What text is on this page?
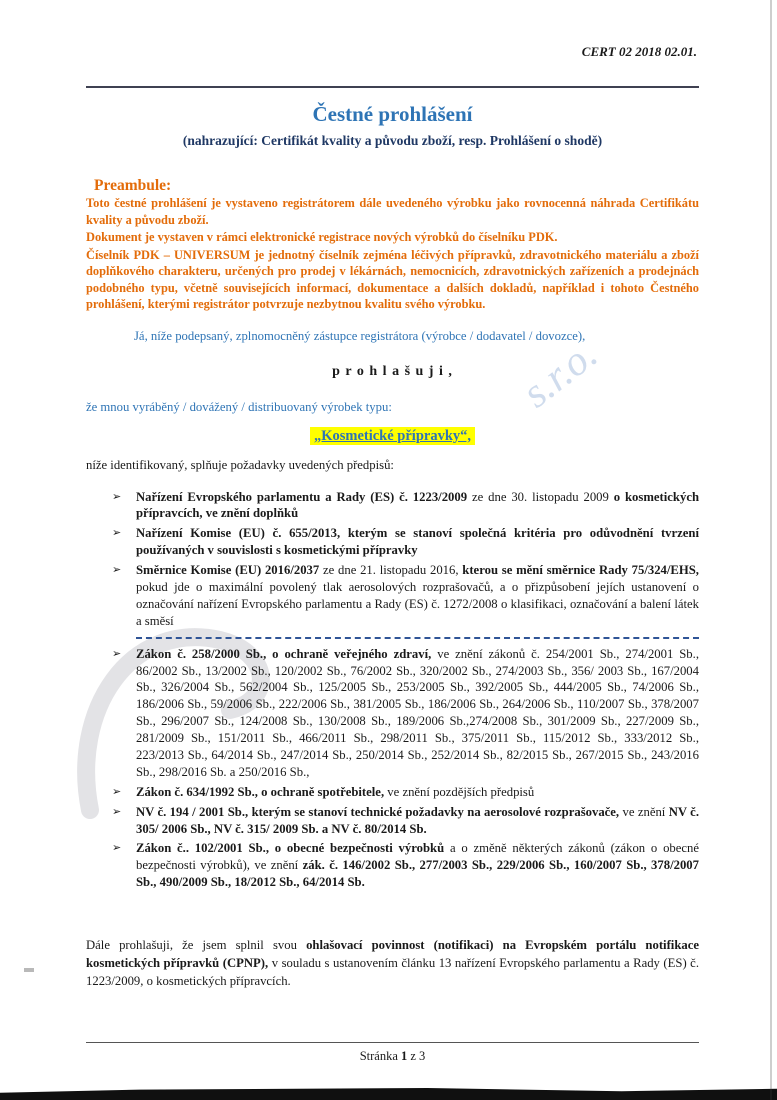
s.r.o.
CERT 02 2018 02.01.
Čestné prohlášení
(nahrazující: Certifikát kvality a původu zboží, resp. Prohlášení o shodě)
Preambule:

Toto čestné prohlášení je vystaveno registrátorem dále uvedeného výrobku jako rovnocenná náhrada Certifikátu kvality a původu zboží.

Dokument je vystaven v rámci elektronické registrace nových výrobků do číselníku PDK.

Číselník PDK – UNIVERSUM je jednotný číselník zejména léčivých přípravků, zdravotnického materiálu a zboží doplňkového charakteru, určených pro prodej v lékárnách, nemocnicích, zdravotnických zařízeních a prodejnách podobného typu, včetně souvisejících informací, dokumentace a dalších dokladů, například i tohoto Čestného prohlášení, kterými registrátor potvrzuje nezbytnou kvalitu svého výrobku.

Já, níže podepsaný, zplnomocněný zástupce registrátora (výrobce / dodavatel / dovozce),
p r o h l a š u j i ,
že mnou vyráběný / dovážený / distribuovaný výrobek typu:
„Kosmetické přípravky“,
níže identifikovaný, splňuje požadavky uvedených předpisů:
➢	Nařízení Evropského parlamentu a Rady (ES) č. 1223/2009 ze dne 30. listopadu 2009 o kosmetických přípravcích, ve znění doplňků
➢	Nařízení Komise (EU) č. 655/2013, kterým se stanoví společná kritéria pro odůvodnění tvrzení používaných v souvislosti s kosmetickými přípravky
➢	Směrnice Komise (EU) 2016/2037 ze dne 21. listopadu 2016, kterou se mění směrnice Rady 75/324/EHS, pokud jde o maximální povolený tlak aerosolových rozprašovačů, a o přizpůsobení jejích ustanovení o označování nařízení Evropského parlamentu a Rady (ES) č. 1272/2008 o klasifikaci, označování a balení látek a směsí
➢	Zákon č. 258/2000 Sb., o ochraně veřejného zdraví, ve znění zákonů č. 254/2001 Sb., 274/2001 Sb., 86/2002 Sb., 13/2002 Sb., 120/2002 Sb., 76/2002 Sb., 320/2002 Sb., 274/2003 Sb., 356/ 2003 Sb., 167/2004 Sb., 326/2004 Sb., 562/2004 Sb., 125/2005 Sb., 253/2005 Sb., 392/2005 Sb., 444/2005 Sb., 74/2006 Sb., 186/2006 Sb., 59/2006 Sb., 222/2006 Sb., 381/2005 Sb., 186/2006 Sb., 264/2006 Sb., 110/2007 Sb., 378/2007 Sb., 296/2007 Sb., 124/2008 Sb., 130/2008 Sb., 189/2006 Sb.,274/2008 Sb., 301/2009 Sb., 227/2009 Sb., 281/2009 Sb., 151/2011 Sb., 466/2011 Sb., 298/2011 Sb., 375/2011 Sb., 115/2012 Sb., 333/2012 Sb., 223/2013 Sb., 64/2014 Sb., 247/2014 Sb., 250/2014 Sb., 252/2014 Sb., 82/2015 Sb., 267/2015 Sb., 243/2016 Sb., 298/2016 Sb. a 250/2016 Sb.,
➢	Zákon č. 634/1992 Sb., o ochraně spotřebitele, ve znění pozdějších předpisů
➢	NV č. 194 / 2001 Sb., kterým se stanoví technické požadavky na aerosolové rozprašovače, ve znění NV č. 305/ 2006 Sb., NV č. 315/ 2009 Sb. a NV č. 80/2014 Sb.
➢	Zákon č.. 102/2001 Sb., o obecné bezpečnosti výrobků a o změně některých zákonů (zákon o obecné bezpečnosti výrobků), ve znění zák. č. 146/2002 Sb., 277/2003 Sb., 229/2006 Sb., 160/2007 Sb., 378/2007 Sb., 490/2009 Sb., 18/2012 Sb., 64/2014 Sb.

Dále prohlašuji, že jsem splnil svou ohlašovací povinnost (notifikaci) na Evropském portálu notifikace kosmetických přípravků (CPNP), v souladu s ustanovením článku 13 nařízení Evropského parlamentu a Rady (ES) č. 1223/2009, o kosmetických přípravcích.

Stránka 1 z 3
